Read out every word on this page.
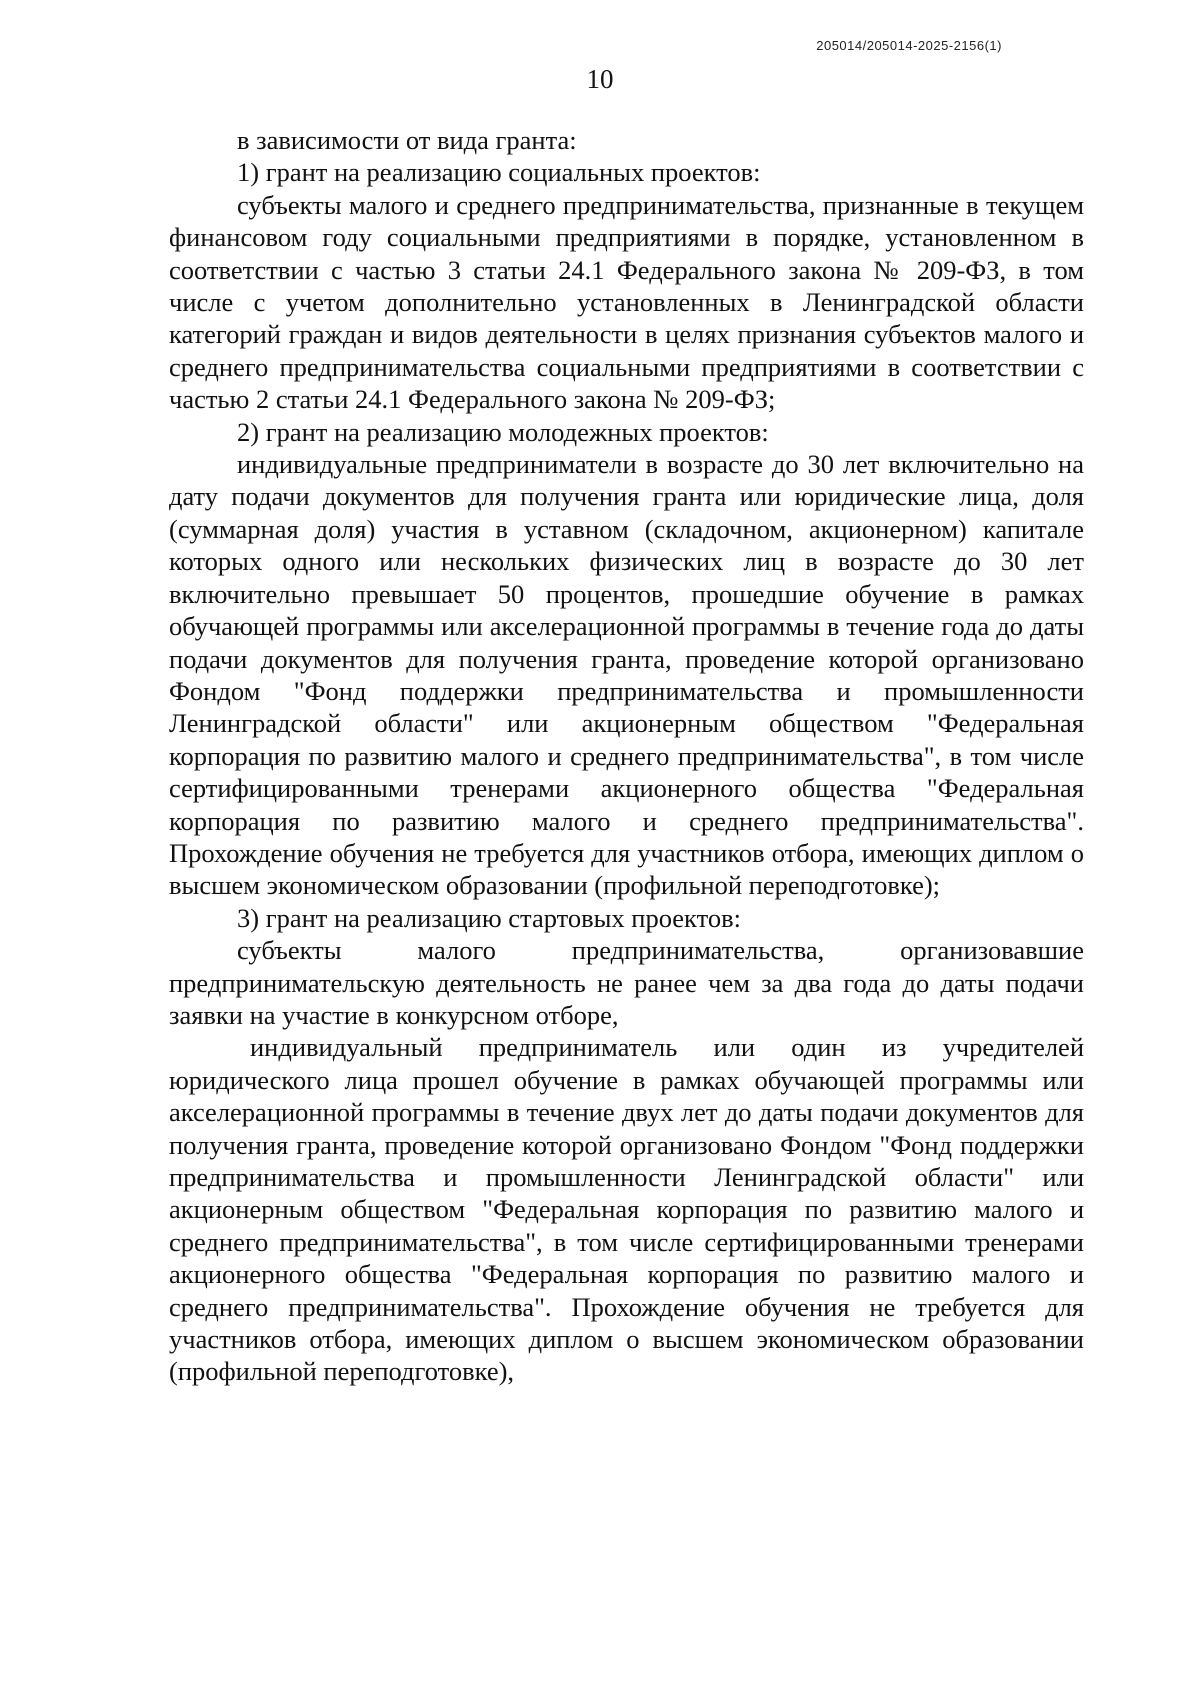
205014/205014-2025-2156(1)
10

в зависимости от вида гранта:

1) грант на реализацию социальных проектов:

субъекты малого и среднего предпринимательства, признанные в текущем финансовом году социальными предприятиями в порядке, установленном в соответствии с частью 3 статьи 24.1 Федерального закона № 209-ФЗ, в том числе с учетом дополнительно установленных в Ленинградской области категорий граждан и видов деятельности в целях признания субъектов малого и среднего предпринимательства социальными предприятиями в соответствии с частью 2 статьи 24.1 Федерального закона № 209-ФЗ;

2) грант на реализацию молодежных проектов:

индивидуальные предприниматели в возрасте до 30 лет включительно на дату подачи документов для получения гранта или юридические лица, доля (суммарная доля) участия в уставном (складочном, акционерном) капитале которых одного или нескольких физических лиц в возрасте до 30 лет включительно превышает 50 процентов, прошедшие обучение в рамках обучающей программы или акселерационной программы в течение года до даты подачи документов для получения гранта, проведение которой организовано Фондом "Фонд поддержки предпринимательства и промышленности Ленинградской области" или акционерным обществом "Федеральная корпорация по развитию малого и среднего предпринимательства", в том числе сертифицированными тренерами акционерного общества "Федеральная корпорация по развитию малого и среднего предпринимательства". Прохождение обучения не требуется для участников отбора, имеющих диплом о высшем экономическом образовании (профильной переподготовке);

3) грант на реализацию стартовых проектов:

субъекты малого предпринимательства, организовавшие предпринимательскую деятельность не ранее чем за два года до даты подачи заявки на участие в конкурсном отборе,

индивидуальный предприниматель или один из учредителей юридического лица прошел обучение в рамках обучающей программы или акселерационной программы в течение двух лет до даты подачи документов для получения гранта, проведение которой организовано Фондом "Фонд поддержки предпринимательства и промышленности Ленинградской области" или акционерным обществом "Федеральная корпорация по развитию малого и среднего предпринимательства", в том числе сертифицированными тренерами акционерного общества "Федеральная корпорация по развитию малого и среднего предпринимательства". Прохождение обучения не требуется для участников отбора, имеющих диплом о высшем экономическом образовании (профильной переподготовке),
